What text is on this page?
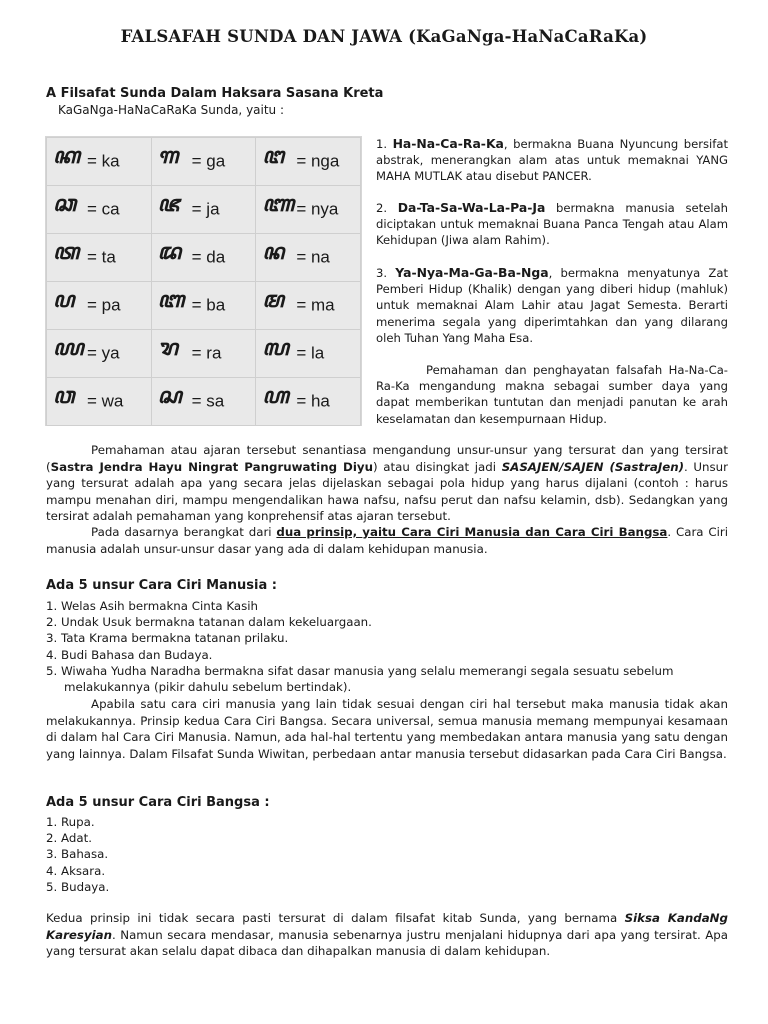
FALSAFAH SUNDA DAN JAWA (KaGaNga-HaNaCaRaKa)
A Filsafat Sunda Dalam Haksara Sasana Kreta
KaGaNga-HaNaCaRaKa Sunda, yaitu :
ꦏ = ka	ꦒ = ga	ꦔ = nga
ꦕ = ca	ꦗ = ja	ꦚ = nya
ꦠ = ta	ꦢ = da	ꦤ = na
ꦥ = pa	ꦧ = ba	ꦩ = ma
ꦪ = ya	ꦫ = ra	ꦭ = la
ꦮ = wa	ꦱ = sa	ꦲ = ha
1. Ha-Na-Ca-Ra-Ka, bermakna Buana Nyuncung bersifat abstrak, menerangkan alam atas untuk memaknai YANG MAHA MUTLAK atau disebut PANCER.
2. Da-Ta-Sa-Wa-La-Pa-Ja bermakna manusia setelah diciptakan untuk memaknai Buana Panca Tengah atau Alam Kehidupan (Jiwa alam Rahim).
3. Ya-Nya-Ma-Ga-Ba-Nga, bermakna menyatunya Zat Pemberi Hidup (Khalik) dengan yang diberi hidup (mahluk) untuk memaknai Alam Lahir atau Jagat Semesta. Berarti menerima segala yang diperimtahkan dan yang dilarang oleh Tuhan Yang Maha Esa.
Pemahaman dan penghayatan falsafah Ha-Na-Ca-Ra-Ka mengandung makna sebagai sumber daya yang dapat memberikan tuntutan dan menjadi panutan ke arah keselamatan dan kesempurnaan Hidup.
Pemahaman atau ajaran tersebut senantiasa mengandung unsur-unsur yang tersurat dan yang tersirat (Sastra Jendra Hayu Ningrat Pangruwating Diyu) atau disingkat jadi SASAJEN/SAJEN (SastraJen). Unsur yang tersurat adalah apa yang secara jelas dijelaskan sebagai pola hidup yang harus dijalani (contoh : harus mampu menahan diri, mampu mengendalikan hawa nafsu, nafsu perut dan nafsu kelamin, dsb). Sedangkan yang tersirat adalah pemahaman yang konprehensif atas ajaran tersebut.
Pada dasarnya berangkat dari dua prinsip, yaitu Cara Ciri Manusia dan Cara Ciri Bangsa. Cara Ciri manusia adalah unsur-unsur dasar yang ada di dalam kehidupan manusia.
Ada 5 unsur Cara Ciri Manusia :
1. Welas Asih bermakna Cinta Kasih
2. Undak Usuk bermakna tatanan dalam kekeluargaan.
3. Tata Krama bermakna tatanan prilaku.
4. Budi Bahasa dan Budaya.
5. Wiwaha Yudha Naradha bermakna sifat dasar manusia yang selalu memerangi segala sesuatu sebelum
melakukannya (pikir dahulu sebelum bertindak).
Apabila satu cara ciri manusia yang lain tidak sesuai dengan ciri hal tersebut maka manusia tidak akan melakukannya. Prinsip kedua Cara Ciri Bangsa. Secara universal, semua manusia memang mempunyai kesamaan di dalam hal Cara Ciri Manusia. Namun, ada hal-hal tertentu yang membedakan antara manusia yang satu dengan yang lainnya. Dalam Filsafat Sunda Wiwitan, perbedaan antar manusia tersebut didasarkan pada Cara Ciri Bangsa.
Ada 5 unsur Cara Ciri Bangsa :
1. Rupa.
2. Adat.
3. Bahasa.
4. Aksara.
5. Budaya.
Kedua prinsip ini tidak secara pasti tersurat di dalam filsafat kitab Sunda, yang bernama Siksa KandaNg Karesyian. Namun secara mendasar, manusia sebenarnya justru menjalani hidupnya dari apa yang tersirat. Apa yang tersurat akan selalu dapat dibaca dan dihapalkan manusia di dalam kehidupan.
